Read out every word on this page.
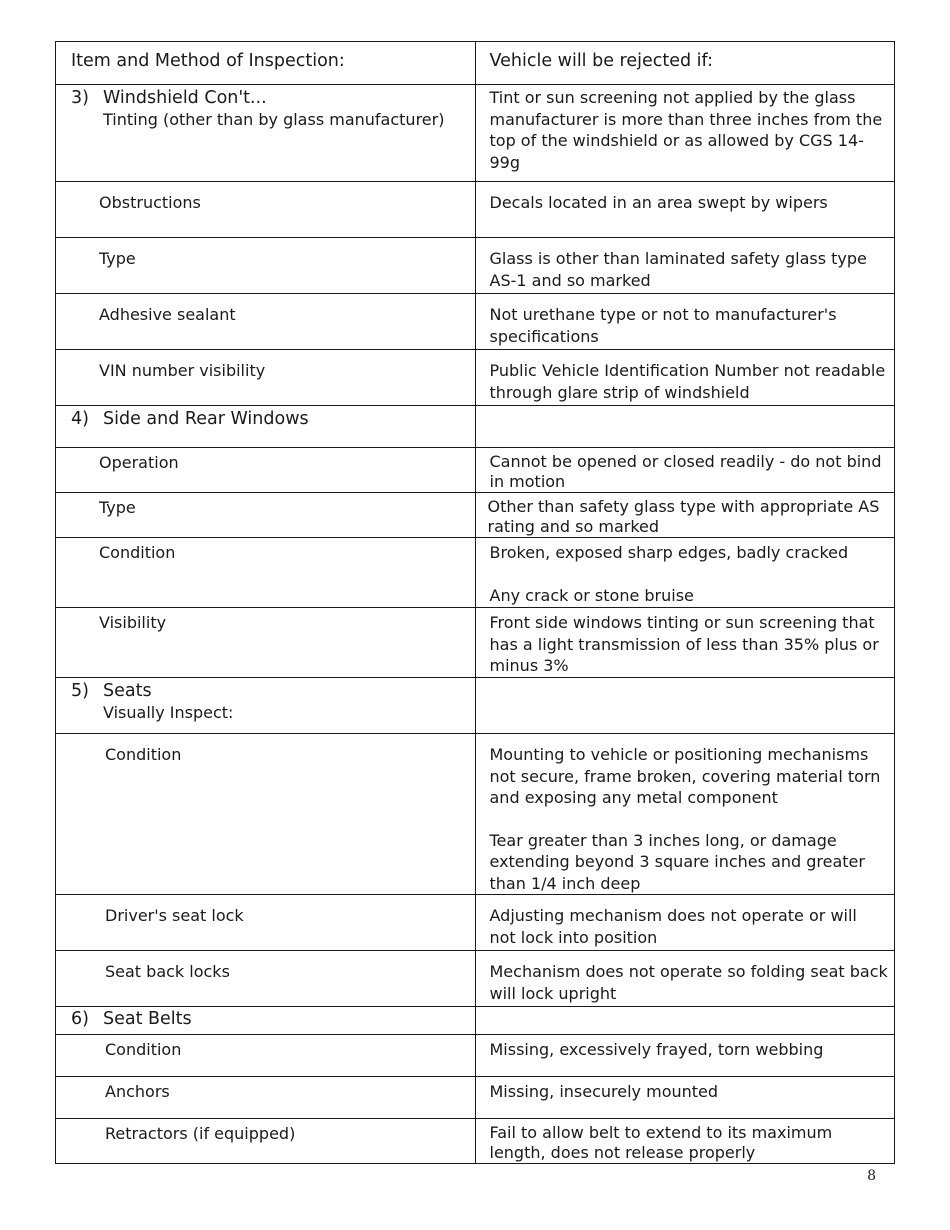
Item and Method of Inspection:	Vehicle will be rejected if:

3) Windshield Con't...
Tinting (other than by glass manufacturer)	Tint or sun screening not applied by the glass manufacturer is more than three inches from the top of the windshield or as allowed by CGS 14-99g

Obstructions	Decals located in an area swept by wipers

Type	Glass is other than laminated safety glass type AS-1 and so marked

Adhesive sealant	Not urethane type or not to manufacturer's specifications

VIN number visibility	Public Vehicle Identification Number not readable through glare strip of windshield

4) Side and Rear Windows	

Operation	Cannot be opened or closed readily - do not bind in motion

Type	Other than safety glass type with appropriate AS rating and so marked

Condition	Broken, exposed sharp edges, badly cracked
Any crack or stone bruise

Visibility	Front side windows tinting or sun screening that has a light transmission of less than 35% plus or minus 3%

5) Seats
Visually Inspect:	

Condition	Mounting to vehicle or positioning mechanisms not secure, frame broken, covering material torn and exposing any metal component
Tear greater than 3 inches long, or damage extending beyond 3 square inches and greater than 1/4 inch deep

Driver's seat lock	Adjusting mechanism does not operate or will not lock into position

Seat back locks	Mechanism does not operate so folding seat back will lock upright

6) Seat Belts	

Condition	Missing, excessively frayed, torn webbing

Anchors	Missing, insecurely mounted

Retractors (if equipped)	Fail to allow belt to extend to its maximum length, does not release properly
8
